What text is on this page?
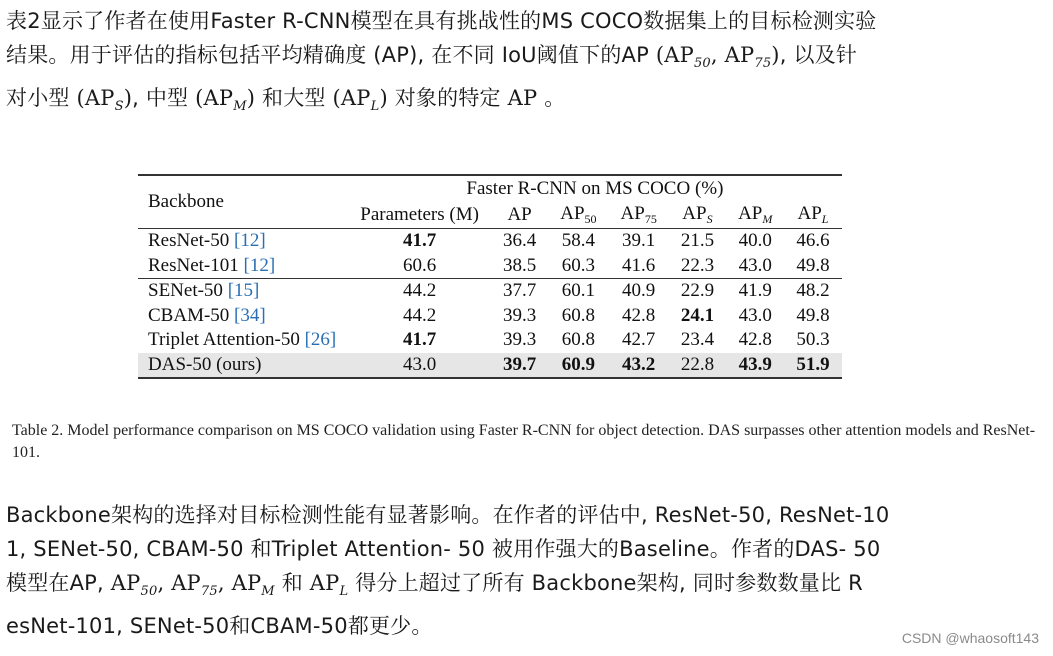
表2显示了作者在使用Faster R-CNN模型在具有挑战性的MS COCO数据集上的目标检测实验
结果。用于评估的指标包括平均精确度 (AP), 在不同 IoU阈值下的AP ($AP_{50}$, $AP_{75}$), 以及针
对小型 $(AP_S)$, 中型 $(AP_M)$ 和大型 $(AP_L)$ 对象的特定 AP 。
Backbone	Faster R-CNN on MS COCO (%)						
	Parameters (M)	AP	$AP_{50}$	$AP_{75}$	$AP_S$	$AP_M$	$AP_L$
ResNet-50 [12]	41.7	36.4	58.4	39.1	21.5	40.0	46.6
ResNet-101 [12]	60.6	38.5	60.3	41.6	22.3	43.0	49.8
SENet-50 [15]	44.2	37.7	60.1	40.9	22.9	41.9	48.2
CBAM-50 [34]	44.2	39.3	60.8	42.8	24.1	43.0	49.8
Triplet Attention-50 [26]	41.7	39.3	60.8	42.7	23.4	42.8	50.3
DAS-50 (ours)	43.0	39.7	60.9	43.2	22.8	43.9	51.9
Table 2. Model performance comparison on MS COCO validation using Faster R-CNN for object detection. DAS surpasses other attention models and ResNet-101.
Backbone架构的选择对目标检测性能有显著影响。在作者的评估中, ResNet-50, ResNet-10
1, SENet-50, CBAM-50 和Triplet Attention- 50 被用作强大的Baseline。作者的DAS- 50
模型在AP, $AP_{50}$, $AP_{75}$, $AP_M$ 和 $AP_L$ 得分上超过了所有 Backbone架构, 同时参数数量比 R
esNet-101, SENet-50和CBAM-50都更少。	CSDN @whaosoft143
